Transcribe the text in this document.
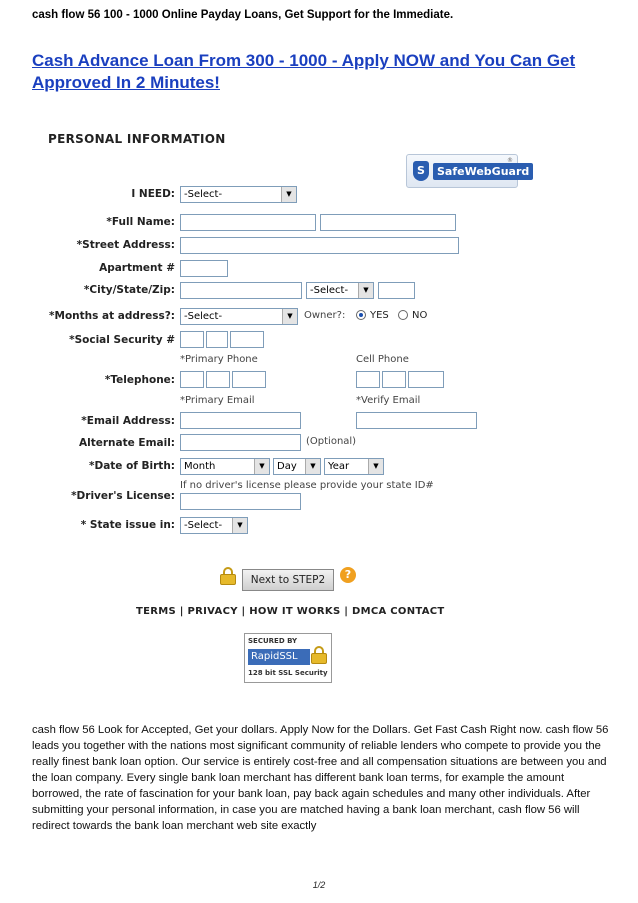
cash flow 56 100 - 1000 Online Payday Loans, Get Support for the Immediate.
Cash Advance Loan From 300 - 1000 - Apply NOW and You Can Get Approved In 2 Minutes!
PERSONAL INFORMATION
S	SafeWebGuard
®
I NEED: -Select-	▼
*Full Name:
*Street Address:
Apartment #
*City/State/Zip:	-Select-	▼
*Months at address?: -Select-	▼	Owner?: YES NO
*Social Security #
*Primary Phone	Cell Phone
*Telephone:
*Primary Email	*Verify Email
*Email Address:
Alternate Email:	(Optional)
*Date of Birth: Month	▼	Day	▼	Year	▼
If no driver's license please provide your state ID#
*Driver's License:
* State issue in: -Select-	▼
Next to STEP2	?
TERMS | PRIVACY | HOW IT WORKS | DMCA CONTACT
SECURED BY
RapidSSL
128 bit SSL Security
cash flow 56 Look for Accepted, Get your dollars. Apply Now for the Dollars. Get Fast Cash Right now. cash flow 56 leads you together with the nations most significant community of reliable lenders who compete to provide you the really finest bank loan option. Our service is entirely cost-free and all compensation situations are between you and the loan company. Every single bank loan merchant has different bank loan terms, for example the amount borrowed, the rate of fascination for your bank loan, pay back again schedules and many other individuals. After submitting your personal information, in case you are matched having a bank loan merchant, cash flow 56 will redirect towards the bank loan merchant web site exactly
1/2
